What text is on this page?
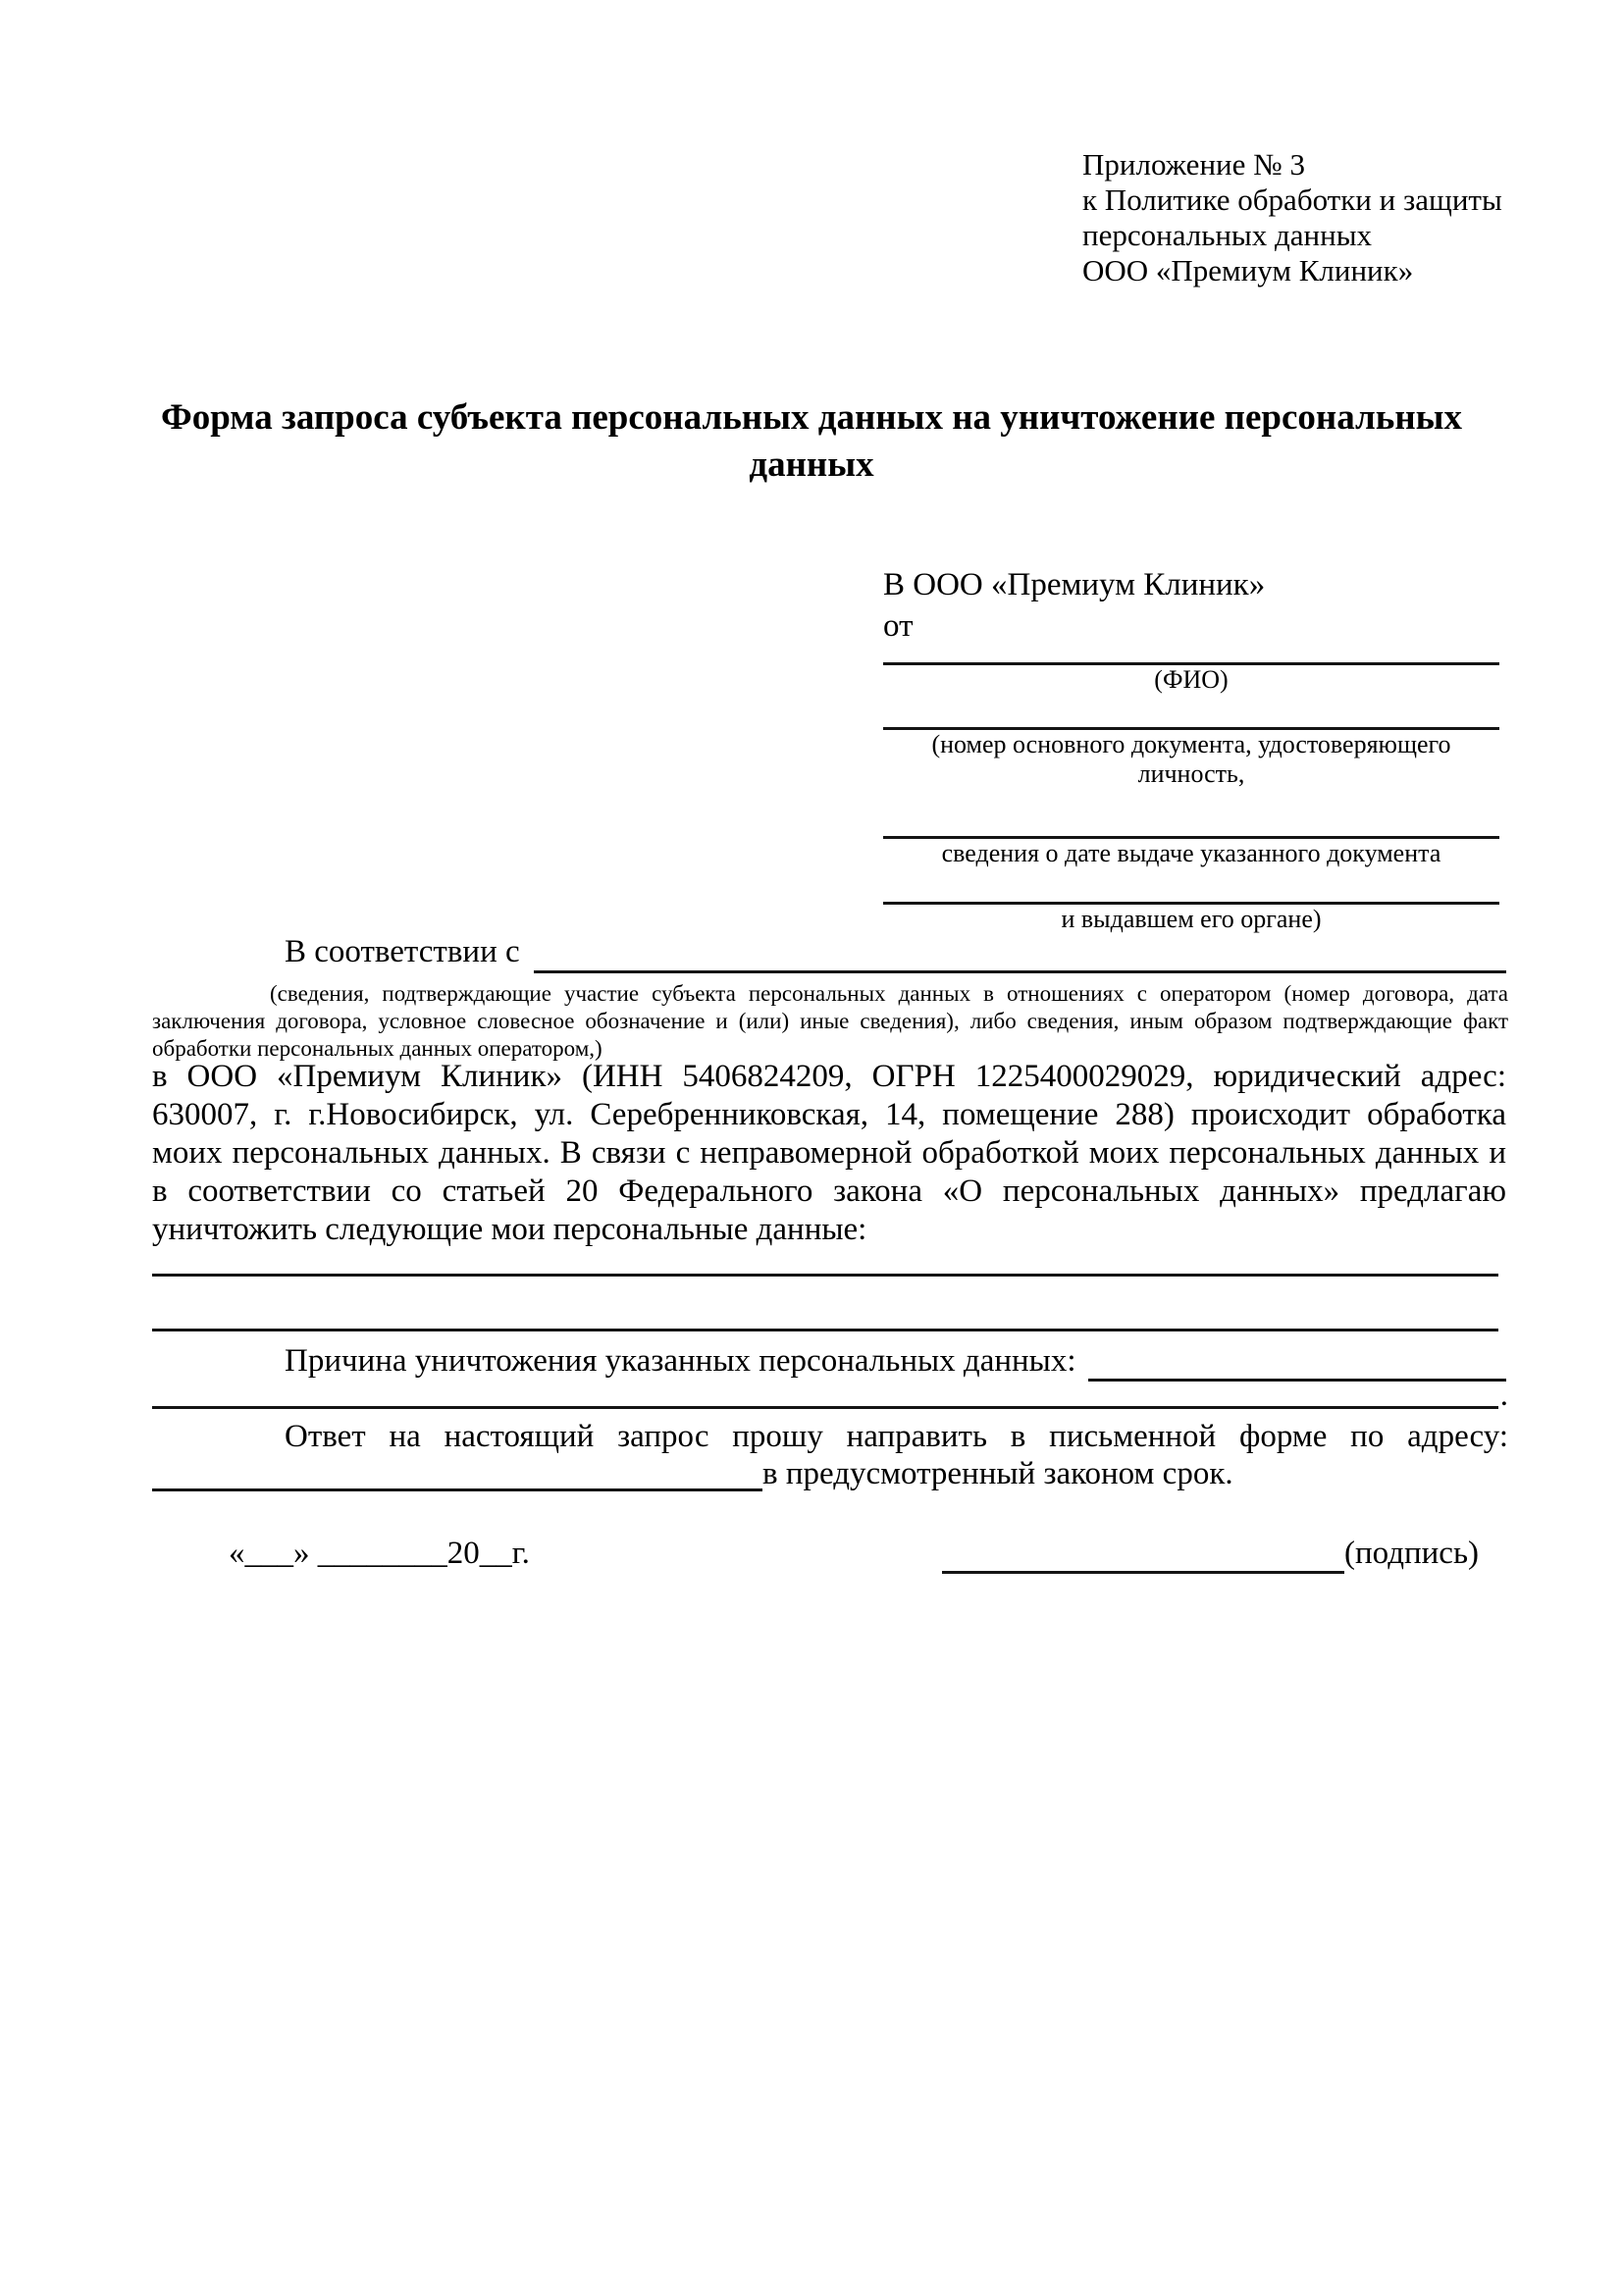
Приложение № 3
к Политике обработки и защиты
персональных данных
ООО «Премиум Клиник»
Форма запроса субъекта персональных данных на уничтожение персональных данных
В ООО «Премиум Клиник»
от
(ФИО)
(номер основного документа, удостоверяющего личность,
сведения о дате выдаче указанного документа
и выдавшем его органе)
В соответствии с
(сведения, подтверждающие участие субъекта персональных данных в отношениях с оператором (номер договора, дата заключения договора, условное словесное обозначение и (или) иные сведения), либо сведения, иным образом подтверждающие факт обработки персональных данных оператором,)
в ООО «Премиум Клиник» (ИНН 5406824209, ОГРН 1225400029029, юридический адрес: 630007, г. г.Новосибирск, ул. Серебренниковская, 14, помещение 288) происходит обработка моих персональных данных. В связи с неправомерной обработкой моих персональных данных и в соответствии со статьей 20 Федерального закона «О персональных данных» предлагаю уничтожить следующие мои персональные данные:
Причина уничтожения указанных персональных данных:
.
Ответ на настоящий запрос прошу направить в письменной форме по адресу:
в предусмотренный законом срок.
«___» ________20__г.	(подпись)
